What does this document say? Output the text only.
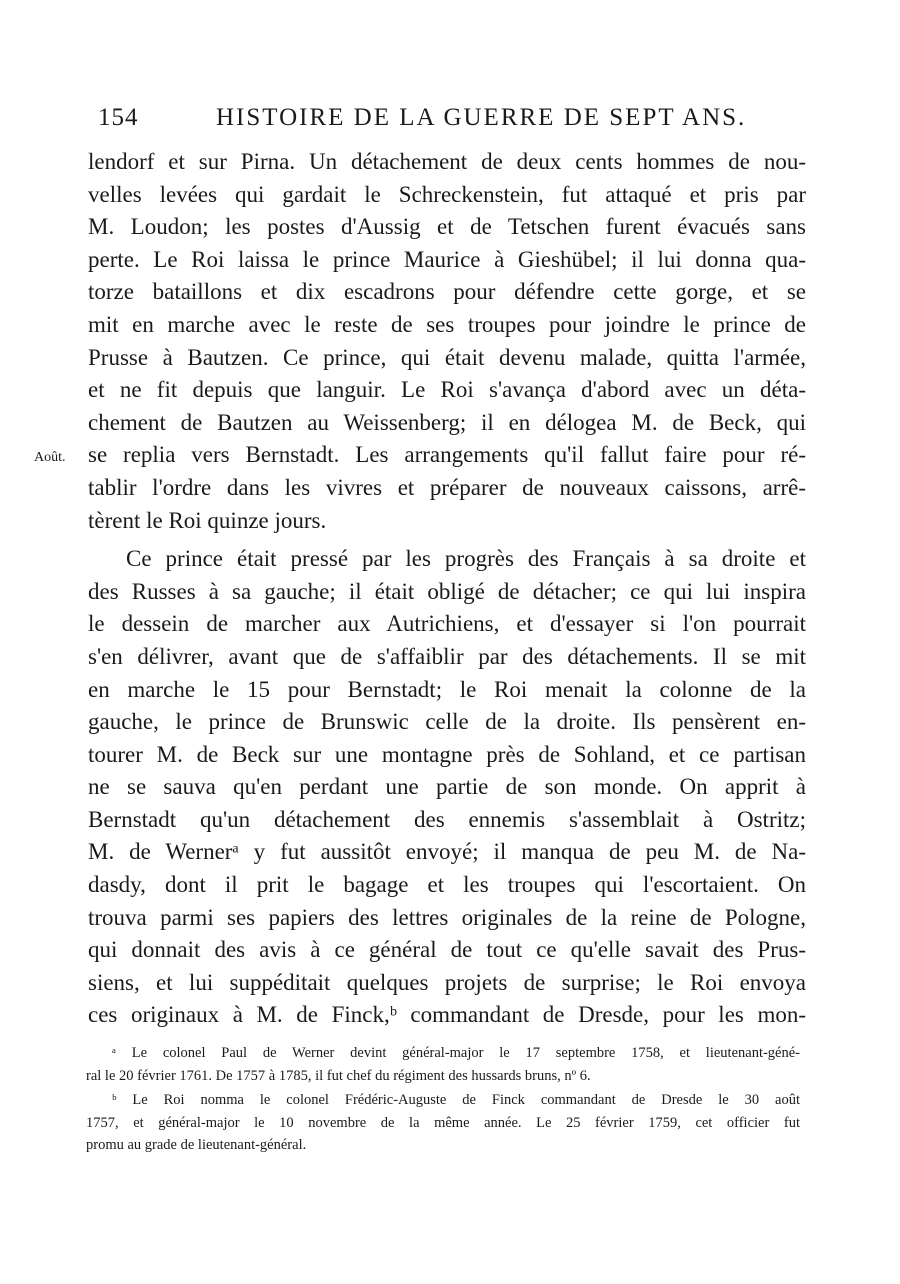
154	HISTOIRE DE LA GUERRE DE SEPT ANS.
Août.
lendorf et sur Pirna. Un détachement de deux cents hommes de nou-
velles levées qui gardait le Schreckenstein, fut attaqué et pris par
M. Loudon; les postes d'Aussig et de Tetschen furent évacués sans
perte. Le Roi laissa le prince Maurice à Gieshübel; il lui donna qua-
torze bataillons et dix escadrons pour défendre cette gorge, et se
mit en marche avec le reste de ses troupes pour joindre le prince de
Prusse à Bautzen. Ce prince, qui était devenu malade, quitta l'armée,
et ne fit depuis que languir. Le Roi s'avança d'abord avec un déta-
chement de Bautzen au Weissenberg; il en délogea M. de Beck, qui
se replia vers Bernstadt. Les arrangements qu'il fallut faire pour ré-
tablir l'ordre dans les vivres et préparer de nouveaux caissons, arrê-
tèrent le Roi quinze jours.
Ce prince était pressé par les progrès des Français à sa droite et
des Russes à sa gauche; il était obligé de détacher; ce qui lui inspira
le dessein de marcher aux Autrichiens, et d'essayer si l'on pourrait
s'en délivrer, avant que de s'affaiblir par des détachements. Il se mit
en marche le 15 pour Bernstadt; le Roi menait la colonne de la
gauche, le prince de Brunswic celle de la droite. Ils pensèrent en-
tourer M. de Beck sur une montagne près de Sohland, et ce partisan
ne se sauva qu'en perdant une partie de son monde. On apprit à
Bernstadt qu'un détachement des ennemis s'assemblait à Ostritz;
M. de Wernerᵃ y fut aussitôt envoyé; il manqua de peu M. de Na-
dasdy, dont il prit le bagage et les troupes qui l'escortaient. On
trouva parmi ses papiers des lettres originales de la reine de Pologne,
qui donnait des avis à ce général de tout ce qu'elle savait des Prus-
siens, et lui suppéditait quelques projets de surprise; le Roi envoya
ces originaux à M. de Finck,ᵇ commandant de Dresde, pour les mon-
ᵃ Le colonel Paul de Werner devint général-major le 17 septembre 1758, et lieutenant-géné-
ral le 20 février 1761. De 1757 à 1785, il fut chef du régiment des hussards bruns, nº 6.
ᵇ Le Roi nomma le colonel Frédéric-Auguste de Finck commandant de Dresde le 30 août
1757, et général-major le 10 novembre de la même année. Le 25 février 1759, cet officier fut
promu au grade de lieutenant-général.
